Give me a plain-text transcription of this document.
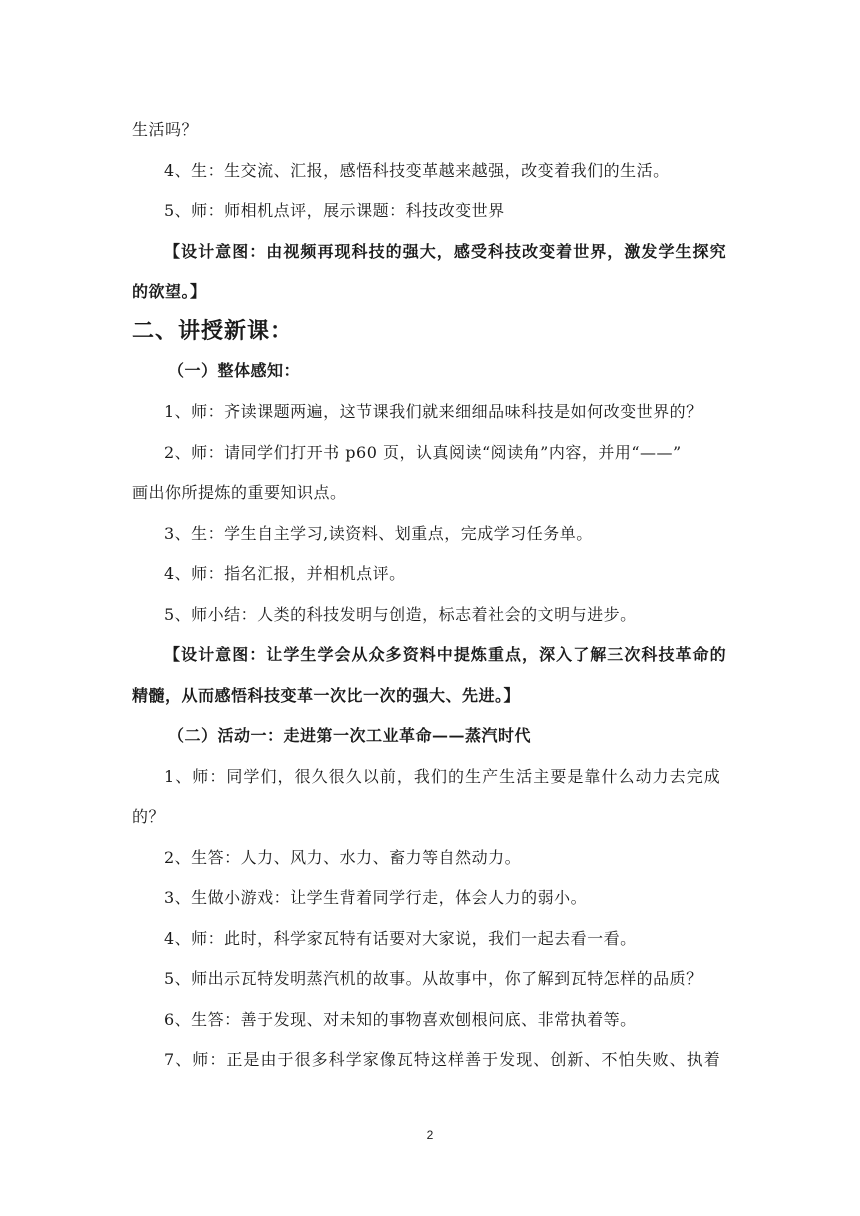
生活吗？
4、生：生交流、汇报，感悟科技变革越来越强，改变着我们的生活。
5、师：师相机点评，展示课题：科技改变世界
【设计意图：由视频再现科技的强大，感受科技改变着世界，激发学生探究
的欲望。】
二、讲授新课：
（一）整体感知：
1、师：齐读课题两遍，这节课我们就来细细品味科技是如何改变世界的？
2、师：请同学们打开书 p60 页，认真阅读“阅读角”内容，并用“——”
画出你所提炼的重要知识点。
3、生：学生自主学习,读资料、划重点，完成学习任务单。
4、师：指名汇报，并相机点评。
5、师小结：人类的科技发明与创造，标志着社会的文明与进步。
【设计意图：让学生学会从众多资料中提炼重点，深入了解三次科技革命的
精髓，从而感悟科技变革一次比一次的强大、先进。】
（二）活动一：走进第一次工业革命——蒸汽时代
1、师：同学们，很久很久以前，我们的生产生活主要是靠什么动力去完成
的？
2、生答：人力、风力、水力、畜力等自然动力。
3、生做小游戏：让学生背着同学行走，体会人力的弱小。
4、师：此时，科学家瓦特有话要对大家说，我们一起去看一看。
5、师出示瓦特发明蒸汽机的故事。从故事中，你了解到瓦特怎样的品质？
6、生答：善于发现、对未知的事物喜欢刨根问底、非常执着等。
7、师：正是由于很多科学家像瓦特这样善于发现、创新、不怕失败、执着
2
